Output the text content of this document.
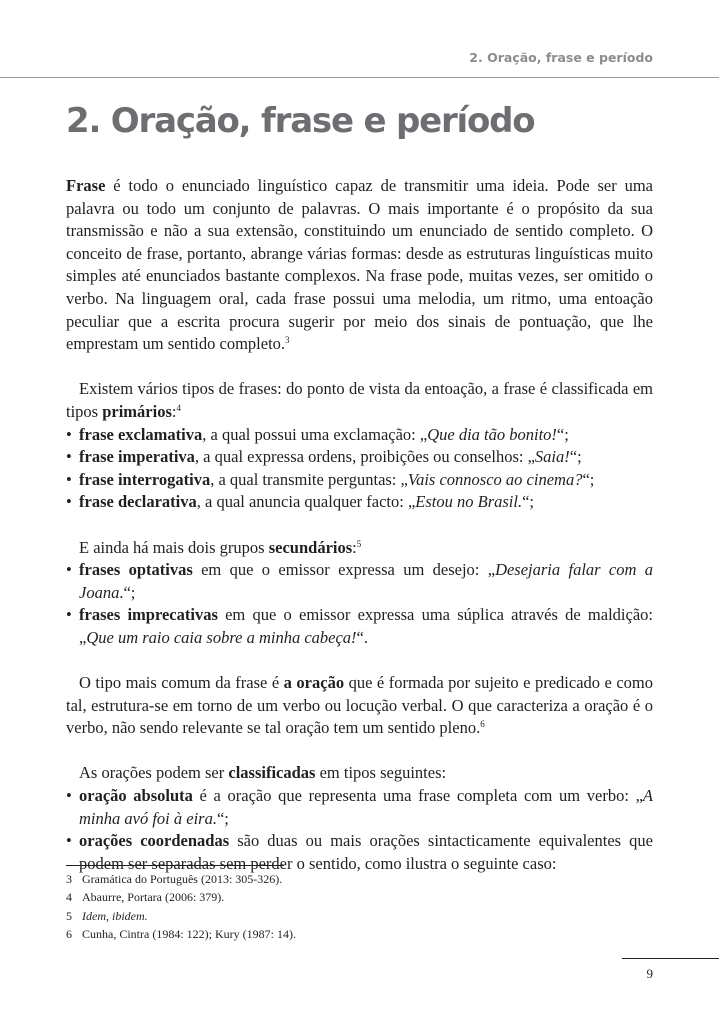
2. Oração, frase e período
2. Oração, frase e período

Frase é todo o enunciado linguístico capaz de transmitir uma ideia. Pode ser uma palavra ou todo um conjunto de palavras. O mais importante é o propósito da sua transmissão e não a sua extensão, constituindo um enunciado de sentido completo. O conceito de frase, portanto, abrange várias formas: desde as estruturas linguísticas muito simples até enunciados bastante complexos. Na frase pode, muitas vezes, ser omitido o verbo. Na linguagem oral, cada frase possui uma melodia, um ritmo, uma entoação peculiar que a escrita procura sugerir por meio dos sinais de pontuação, que lhe emprestam um sentido completo.$^3$

Existem vários tipos de frases: do ponto de vista da entoação, a frase é classificada em tipos primários:$^4$

• frase exclamativa, a qual possui uma exclamação: „Que dia tão bonito!“;
• frase imperativa, a qual expressa ordens, proibições ou conselhos: „Saia!“;
• frase interrogativa, a qual transmite perguntas: „Vais connosco ao cinema?“;
• frase declarativa, a qual anuncia qualquer facto: „Estou no Brasil.“;

E ainda há mais dois grupos secundários:$^5$

• frases optativas em que o emissor expressa um desejo: „Desejaria falar com a Joana.“;
• frases imprecativas em que o emissor expressa uma súplica através de maldição: „Que um raio caia sobre a minha cabeça!“.

O tipo mais comum da frase é a oração que é formada por sujeito e predicado e como tal, estrutura-se em torno de um verbo ou locução verbal. O que caracteriza a oração é o verbo, não sendo relevante se tal oração tem um sentido pleno.$^6$

As orações podem ser classificadas em tipos seguintes:

• oração absoluta é a oração que representa uma frase completa com um verbo: „A minha avó foi à eira.“;
• orações coordenadas são duas ou mais orações sintacticamente equivalentes que podem ser separadas sem perder o sentido, como ilustra o seguinte caso:
3 Gramática do Português (2013: 305-326).
4 Abaurre, Portara (2006: 379).
5 Idem, ibidem.
6 Cunha, Cintra (1984: 122); Kury (1987: 14).
9
